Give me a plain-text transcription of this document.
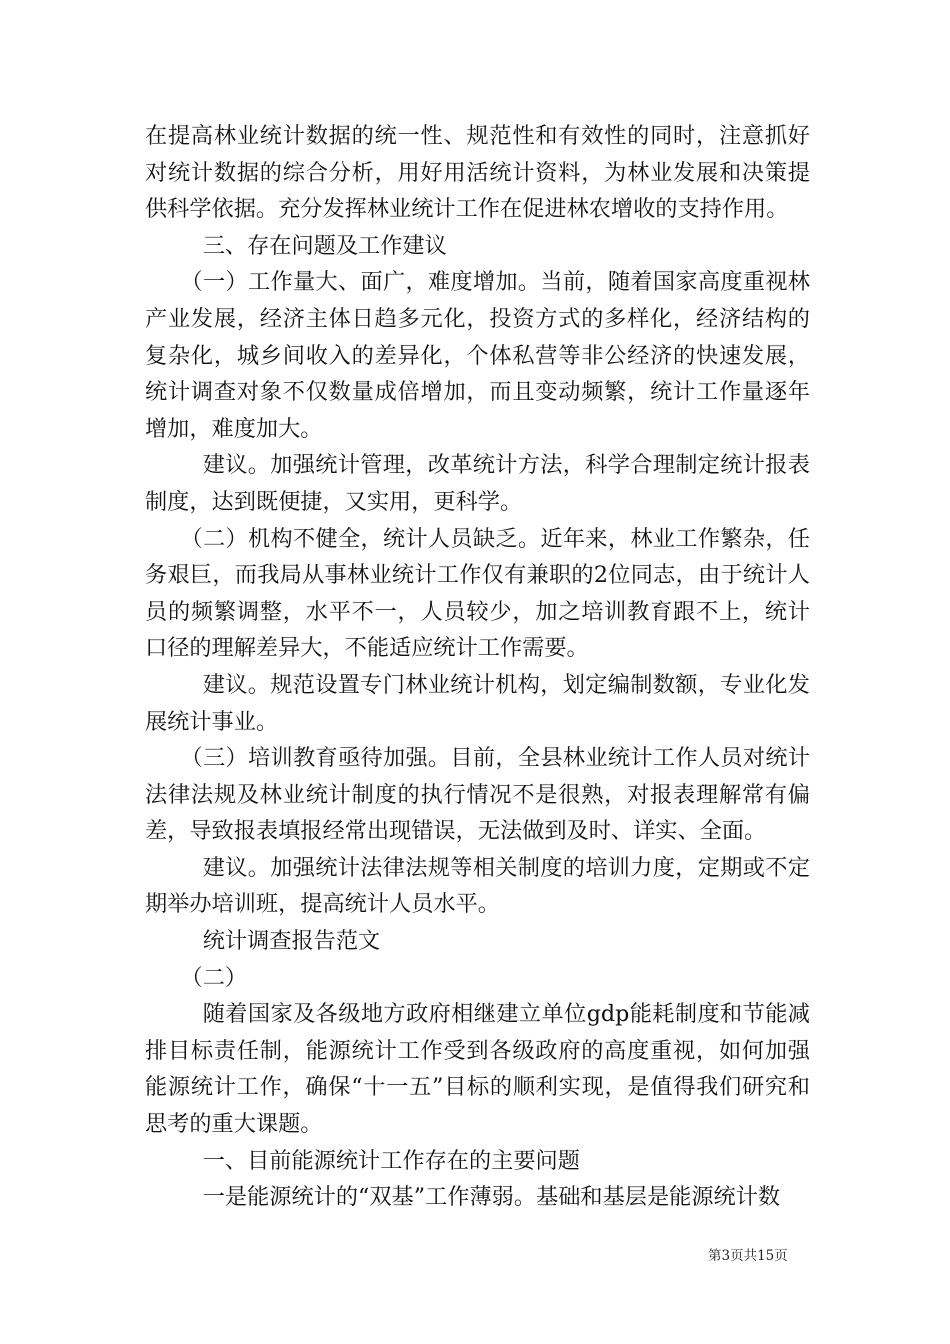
在提高林业统计数据的统一性、规范性和有效性的同时，注意抓好对统计数据的综合分析，用好用活统计资料，为林业发展和决策提供科学依据。充分发挥林业统计工作在促进林农增收的支持作用。

三、存在问题及工作建议

（一）工作量大、面广，难度增加。当前，随着国家高度重视林产业发展，经济主体日趋多元化，投资方式的多样化，经济结构的复杂化，城乡间收入的差异化，个体私营等非公经济的快速发展，统计调查对象不仅数量成倍增加，而且变动频繁，统计工作量逐年增加，难度加大。

建议。加强统计管理，改革统计方法，科学合理制定统计报表制度，达到既便捷，又实用，更科学。

（二）机构不健全，统计人员缺乏。近年来，林业工作繁杂，任务艰巨，而我局从事林业统计工作仅有兼职的2位同志，由于统计人员的频繁调整，水平不一，人员较少，加之培训教育跟不上，统计口径的理解差异大，不能适应统计工作需要。

建议。规范设置专门林业统计机构，划定编制数额，专业化发展统计事业。

（三）培训教育亟待加强。目前，全县林业统计工作人员对统计法律法规及林业统计制度的执行情况不是很熟，对报表理解常有偏差，导致报表填报经常出现错误，无法做到及时、详实、全面。

建议。加强统计法律法规等相关制度的培训力度，定期或不定期举办培训班，提高统计人员水平。

统计调查报告范文

（二）

随着国家及各级地方政府相继建立单位gdp能耗制度和节能减排目标责任制，能源统计工作受到各级政府的高度重视，如何加强能源统计工作，确保“十一五”目标的顺利实现，是值得我们研究和思考的重大课题。

一、目前能源统计工作存在的主要问题

一是能源统计的“双基”工作薄弱。基础和基层是能源统计数

第3页共15页
